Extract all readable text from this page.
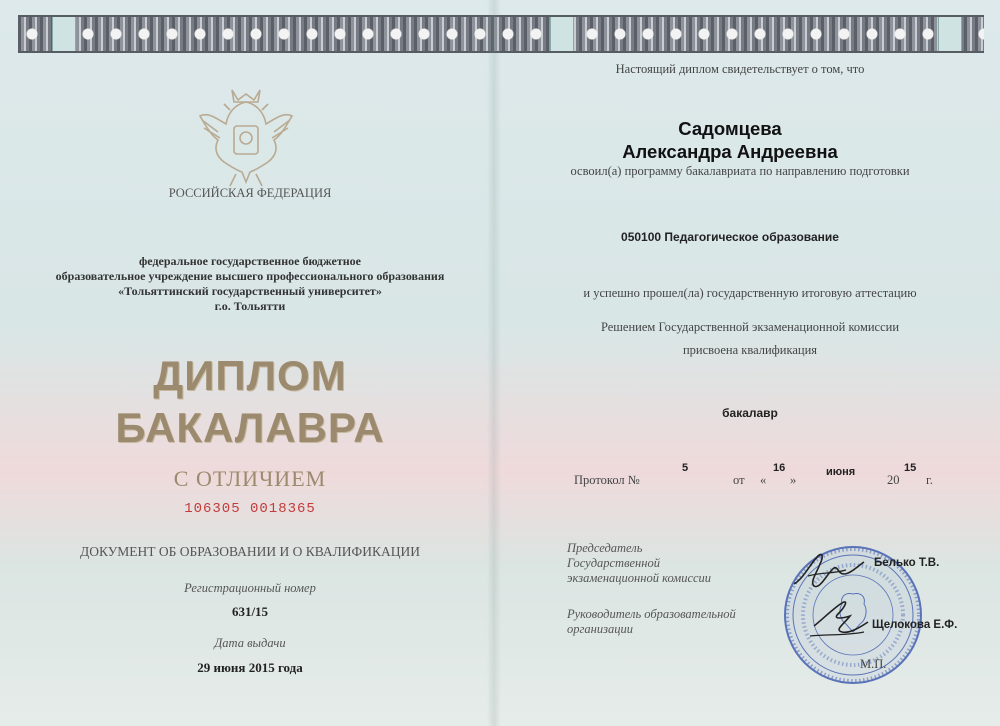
РОССИЙСКАЯ ФЕДЕРАЦИЯ
федеральное государственное бюджетное
образовательное учреждение высшего профессионального образования
«Тольяттинский государственный университет»
г.о. Тольятти
ДИПЛОМ
БАКАЛАВРА
С ОТЛИЧИЕМ
106305 0018365
ДОКУМЕНТ ОБ ОБРАЗОВАНИИ И О КВАЛИФИКАЦИИ
Регистрационный номер
631/15
Дата выдачи
29 июня 2015 года
Настоящий диплом свидетельствует о том, что
Садомцева
Александра Андреевна
освоил(а) программу бакалавриата по направлению подготовки
050100 Педагогическое образование
и успешно прошел(ла) государственную итоговую аттестацию
Решением Государственной экзаменационной комиссии
присвоена квалификация
бакалавр
Протокол №
5
от «
16
»
июня
20
15
г.
Председатель
Государственной
экзаменационной комиссии
Руководитель образовательной
организации
Белько Т.В.
Щелокова Е.Ф.
М.П.
